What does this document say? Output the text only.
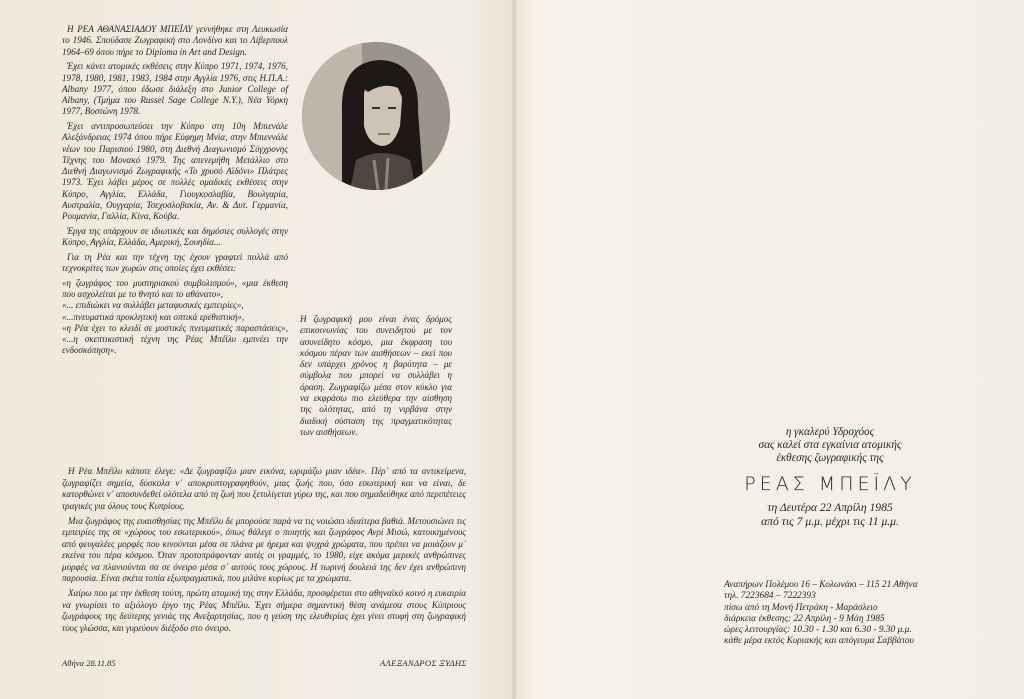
Η ΡΕΑ ΑΘΑΝΑΣΙΑΔΟΥ ΜΠΕΪΛΥ γεννήθηκε στη Λευκωσία το 1946. Σπούδασε Ζωγραφική στο Λονδίνο και το Λίβερπουλ 1964–69 όπου πήρε το Diploma in Art and Design.

Έχει κάνει ατομικές εκθέσεις στην Κύπρο 1971, 1974, 1976, 1978, 1980, 1981, 1983, 1984 στην Αγγλία 1976, στις Η.Π.Α.: Albany 1977, όπου έδωσε διάλεξη στο Junior College of Albany, (Τμήμα του Russel Sage College N.Y.), Νέα Υόρκη 1977, Βοστώνη 1978.

Έχει αντιπροσωπεύσει την Κύπρο στη 10η Μπιενάλε Αλεξάνδρειας 1974 όπου πήρε Εύφημη Μνία, στην Μπιεννάλε νέων του Παρισιού 1980, στη Διεθνή Διαγωνισμό Σύγχρονης Τέχνης του Μονακό 1979. Της απενεμήθη Μετάλλιο στο Διεθνή Διαγωνισμό Ζωγραφικής «Το χρυσό Αϊδόνι» Πλάτρες 1973. Έχει λάβει μέρος σε πολλές ομαδικές εκθέσεις στην Κύπρο, Αγγλία, Ελλάδα, Γιουγκοσλαβία, Βουλγαρία, Αυστραλία, Ουγγαρία, Τσεχοσλοβακία, Αν. & Δυτ. Γερμανία, Ρουμανία, Γαλλία, Κίνα, Κούβα.

Έργα της υπάρχουν σε ιδιωτικές και δημόσιες συλλογές στην Κύπρο, Αγγλία, Ελλάδα, Αμερική, Σουηδία...

Για τη Ρέα και την τέχνη της έχουν γραφτεί πολλά από τεχνοκρίτες των χωρών στις οποίες έχει εκθέσει:

«η ζωγράφος του μυστηριακού συμβολισμού», «μια έκθεση που ασχολείται με το θνητό και το αθάνατο»,

«... επιδιώκει να συλλάβει μεταφυσικές εμπειρίες»,

«...πνευματικά προκλητική και οπτικά ερεθιστική»,

«η Ρέα έχει το κλειδί σε μυστικές πνευματικές παραστάσεις», «...η σκεπτικιστική τέχνη της Ρέας Μπέϊλυ εμπνέει την ενδοσκόπηση».

Η ζωγραφική μου είναι ένας δρόμος επικοινωνίας του συνειδητού με τον ασυνείδητο κόσμο, μια έκφραση του κόσμου πέραν των αισθήσεων – εκεί που δεν υπάρχει χρόνος η βαρύτητα – με σύμβολα που μπορεί να συλλάβει η όραση. Ζωγραφίζω μέσα στον κύκλο για να εκφράσω πιο ελεύθερα την αίσθηση της ολότητας, από τη νιρβάνα στην διαδική σύσταση της πραγματικότητας των αισθήσεων.

Η Ρέα Μπέϊλυ κάποτε έλεγε: «Δε ζωγραφίζω μιαν εικόνα, ωριμάζω μιαν ιδέα». Πέρ᾽ από τα αντικείμενα, ζωγραφίζει σημεία, δύσκολα ν᾽ αποκρυπτογραφηθούν, μιας ζωής που, όσο εσωτερική και να είναι, δε κατορθώνει ν᾽ αποσυνδεθεί ολότελα από τη ζωή που ξετυλίγεται γύρω της, και που σημαδεύθηκε από περιπέτειες τραγικές για όλους τους Κυπρίους.

Μια ζωγράφος της ευαισθησίας της Μπέϊλυ δε μπορούσε παρά να τις νοιώσει ιδιαίτερα βαθιά. Μετουσιώνει τις εμπειρίες της σε «χώρους του εσωτερικού», όπως θάλεγε ο ποιητής και ζωγράφος Ανρί Μισώ, κατοικημένους από φευγαλέες μορφές που κινούνται μέσα σε πλάνα με ήρεμα και ψυχρά χρώματα, που πρέπει να μοιάζουν μ᾽ εκείνα του πέρα κόσμου. Όταν προτοπράφονταν αυτές οι γραμμές, το 1980, είχε ακόμα μερικές ανθρώπινες μορφές να πλανιούνται σα σε όνειρο μέσα σ᾽ αυτούς τους χώρους. Η τωρινή δουλειά της δεν έχει ανθρώπινη παρουσία. Είναι σκέτα τοπία εξωπραγματικά, που μιλάνε κυρίως με τα χρώματα.

Χαίρω που με την έκθεση τούτη, πρώτη ατομική της στην Ελλάδα, προσφέρεται στο αθηναϊκό κοινό η ευκαιρία να γνωρίσει το αξιόλογο έργο της Ρέας Μπέϊλυ. Έχει σήμερα σημαντική θέση ανάμεσα στους Κύπριους ζωγράφους της δεύτερης γενιάς της Ανεξαρτησίας, που η γεύση της ελευθερίας έχει γίνει στυφή στη ζωγραφική τους γλώσσα, και γυρεύουν διέξοδο στο όνειρο.

Αθήνα 28.11.85	ΑΛΕΞΑΝΔΡΟΣ ΞΥΔΗΣ
η γκαλερύ Υδροχόος
σας καλεί στα εγκαίνια ατομικής
έκθεσης ζωγραφικής της
ΡΕΑΣ ΜΠΕΪΛΥ
τη Δευτέρα 22 Απρίλη 1985
από τις 7 μ.μ. μέχρι τις 11 μ.μ.
Αναπήρων Πολέμου 16 – Κολωνάκι – 115 21 Αθήνα
τηλ. 7223684 – 7222393
πίσω από τη Μονή Πετράκη - Μαράσλειο
διάρκεια έκθεσης: 22 Απρίλη - 9 Μάη 1985
ώρες λειτουργίας: 10.30 - 1.30 και 6.30 - 9.30 μ.μ.
κάθε μέρα εκτός Κυριακής και απόγευμα Σαββάτου
